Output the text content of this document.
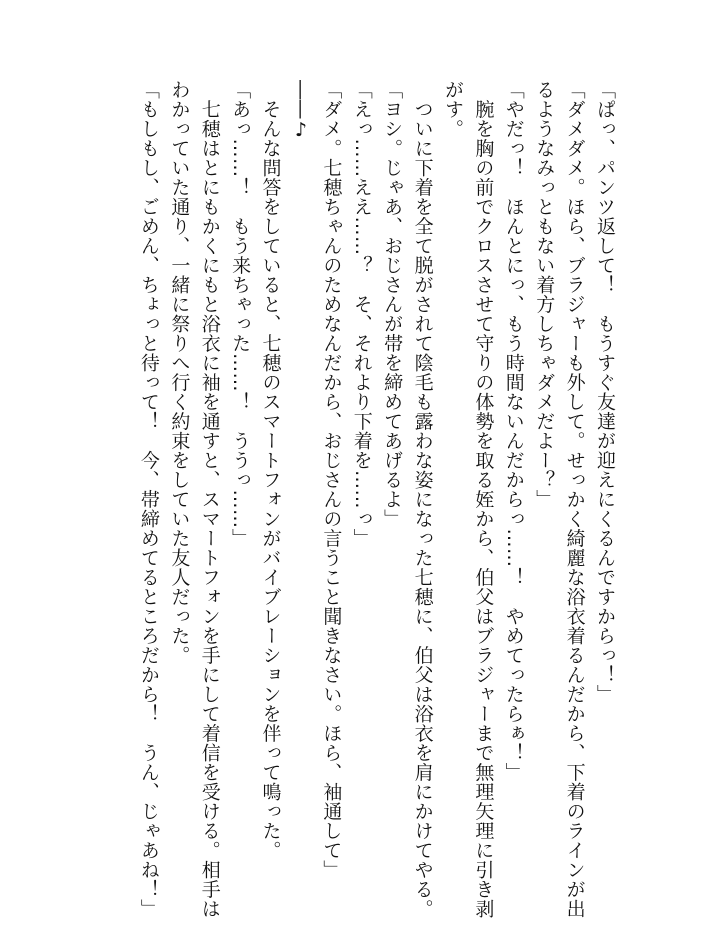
「ぱっ、パンツ返して！　もうすぐ友達が迎えにくるんですからっ！」
「ダメダメ。ほら、ブラジャーも外して。せっかく綺麗な浴衣着るんだから、下着のラインが出
るようなみっともない着方しちゃダメだよー？」
「やだっ！　ほんとにっ、もう時間ないんだからっ……！　やめてったらぁ！」
　腕を胸の前でクロスさせて守りの体勢を取る姪から、伯父はブラジャーまで無理矢理に引き剥
がす。
　ついに下着を全て脱がされて陰毛も露わな姿になった七穂に、伯父は浴衣を肩にかけてやる。
「ヨシ。じゃあ、おじさんが帯を締めてあげるよ」
「えっ……ええ……？　そ、それより下着を……っ」
「ダメ。七穂ちゃんのためなんだから、おじさんの言うこと聞きなさい。ほら、袖通して」
――♪
　そんな問答をしていると、七穂のスマートフォンがバイブレーションを伴って鳴った。
「あっ……！　もう来ちゃった……！　ううっ……」
　七穂はとにもかくにもと浴衣に袖を通すと、スマートフォンを手にして着信を受ける。相手は
わかっていた通り、一緒に祭りへ行く約束をしていた友人だった。
「もしもし、ごめん、ちょっと待って！　今、帯締めてるところだから！　うん、じゃあね！」
